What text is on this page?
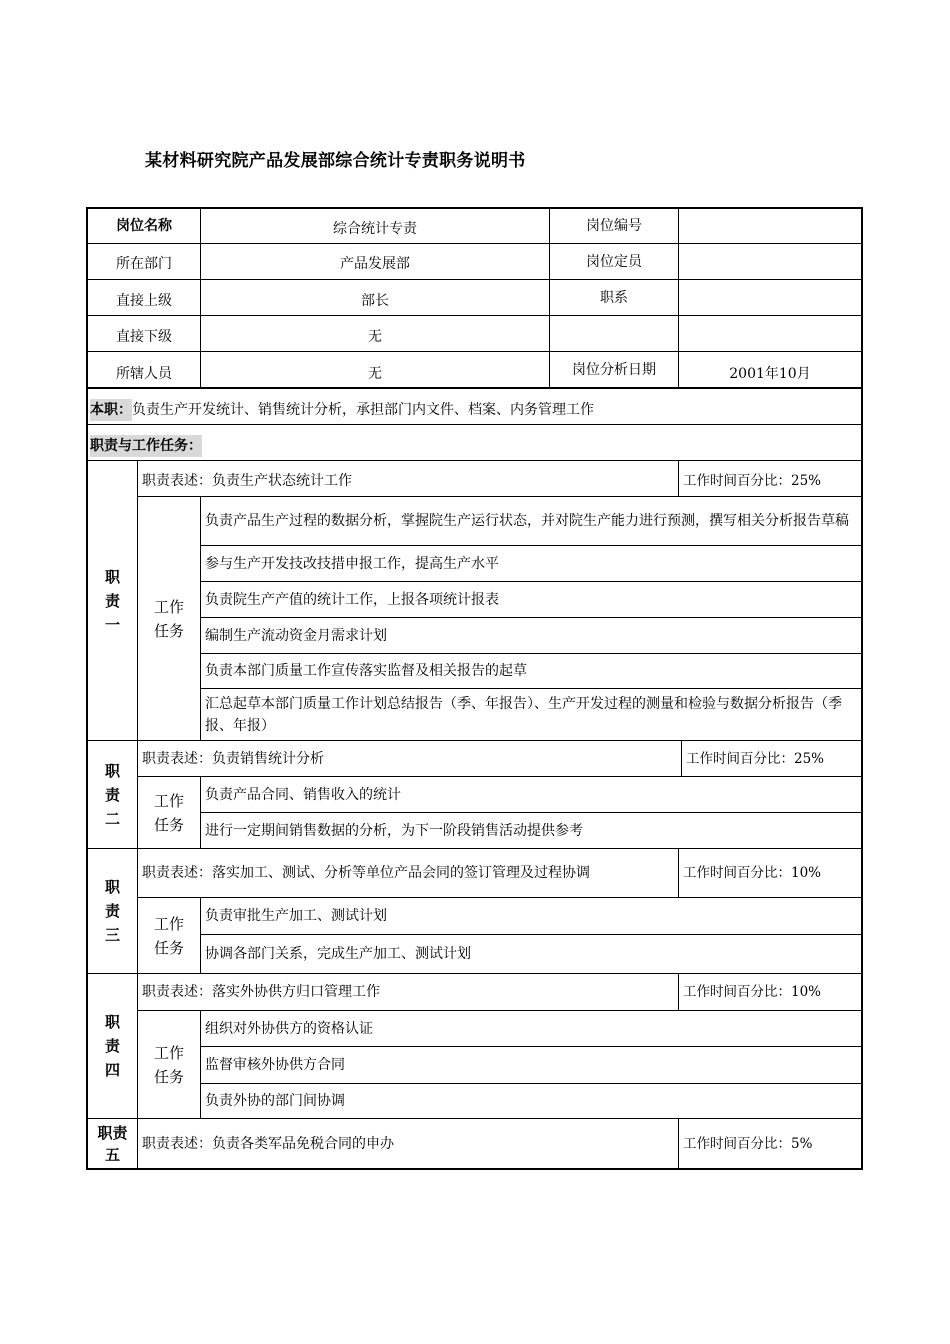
某材料研究院产品发展部综合统计专责职务说明书
岗位名称	综合统计专责	岗位编号
所在部门	产品发展部	岗位定员
直接上级	部长	职系
直接下级	无
所辖人员	无	岗位分析日期	2001年10月
本职： 负责生产开发统计、销售统计分析，承担部门内文件、档案、内务管理工作
职责与工作任务：
职
责
一
职责表述：负责生产状态统计工作	工作时间百分比：25%
工作
任务
负责产品生产过程的数据分析，掌握院生产运行状态，并对院生产能力进行预测，撰写相关分析报告草稿
参与生产开发技改技措申报工作，提高生产水平
负责院生产产值的统计工作，上报各项统计报表
编制生产流动资金月需求计划
负责本部门质量工作宣传落实监督及相关报告的起草
汇总起草本部门质量工作计划总结报告（季、年报告）、生产开发过程的测量和检验与数据分析报告（季报、年报）
职
责
二
职责表述：负责销售统计分析	工作时间百分比：25%
工作
任务
负责产品合同、销售收入的统计
进行一定期间销售数据的分析，为下一阶段销售活动提供参考
职
责
三
职责表述：落实加工、测试、分析等单位产品会同的签订管理及过程协调	工作时间百分比：10%
工作
任务
负责审批生产加工、测试计划
协调各部门关系，完成生产加工、测试计划
职
责
四
职责表述：落实外协供方归口管理工作	工作时间百分比：10%
工作
任务
组织对外协供方的资格认证
监督审核外协供方合同
负责外协的部门间协调
职责
五
职责表述：负责各类军品免税合同的申办	工作时间百分比：5%
